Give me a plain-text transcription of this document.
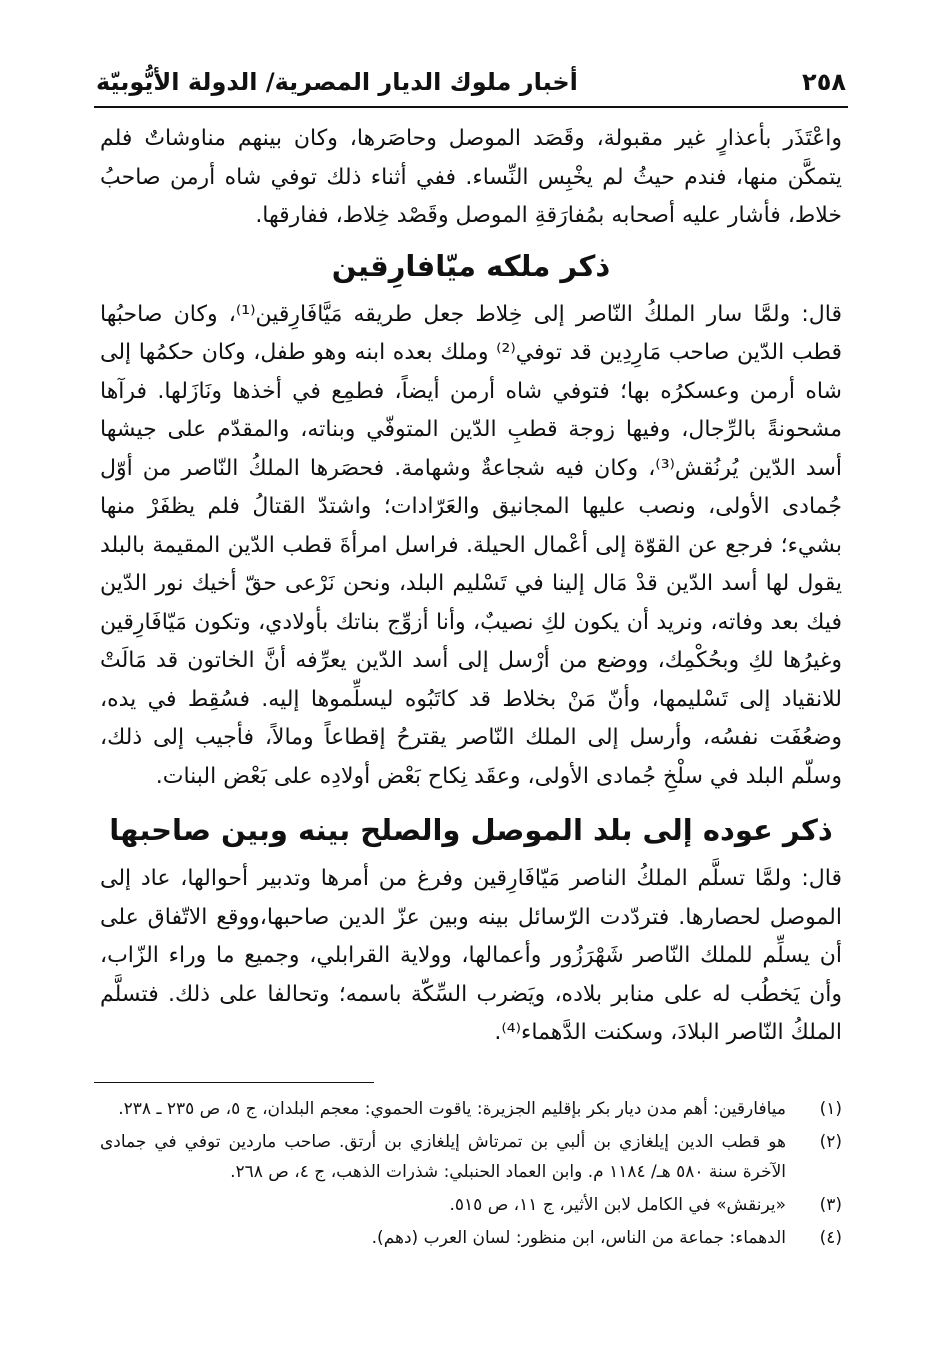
٢٥٨
أخبار ملوك الديار المصرية/ الدولة الأيُّوبيّة

واعْتَذَر بأعذارٍ غير مقبولة، وقَصَد الموصل وحاصَرها، وكان بينهم مناوشاتٌ فلم يتمكَّن منها، فندم حيثُ لم يخْبِس النِّساء. ففي أثناء ذلك توفي شاه أرمن صاحبُ خلاط، فأشار عليه أصحابه بمُفارَقةِ الموصل وقَصْد خِلاط، ففارقها.

ذكر ملكه ميّافارِقين

قال: ولمَّا سار الملكُ النّاصر إلى خِلاط جعل طريقه مَيَّافَارِقين⁽¹⁾، وكان صاحبُها قطب الدّين صاحب مَارِدِين قد توفي⁽²⁾ وملك بعده ابنه وهو طفل، وكان حكمُها إلى شاه أرمن وعسكرُه بها؛ فتوفي شاه أرمن أيضاً، فطمِع في أخذها ونَازَلها. فرآها مشحونةً بالرِّجال، وفيها زوجة قطبِ الدّين المتوفّي وبناته، والمقدّم على جيشها أسد الدّين يُرنُقش⁽³⁾، وكان فيه شجاعةٌ وشهامة. فحصَرها الملكُ النّاصر من أوّل جُمادى الأولى، ونصب عليها المجانيق والعَرّادات؛ واشتدّ القتالُ فلم يظفَرْ منها بشيء؛ فرجع عن القوّة إلى أعْمال الحيلة. فراسل امرأةَ قطب الدّين المقيمة بالبلد يقول لها أسد الدّين قدْ مَال إلينا في تَسْليم البلد، ونحن نَرْعى حقّ أخيك نور الدّين فيك بعد وفاته، ونريد أن يكون لكِ نصيبٌ، وأنا أزوِّج بناتك بأولادي، وتكون مَيّافَارِقين وغيرُها لكِ وبحُكْمِك، ووضع من أرْسل إلى أسد الدّين يعرِّفه أنَّ الخاتون قد مَالَتْ للانقياد إلى تَسْليمها، وأنّ مَنْ بخلاط قد كاتَبُوه ليسلِّموها إليه. فسُقِط في يده، وضعُفَت نفسُه، وأرسل إلى الملك النّاصر يقترحُ إقطاعاً ومالاً، فأجيب إلى ذلك، وسلّم البلد في سلْخِ جُمادى الأولى، وعقَد نِكاح بَعْض أولادِه على بَعْض البنات.

ذكر عوده إلى بلد الموصل والصلح بينه وبين صاحبها

قال: ولمَّا تسلَّم الملكُ الناصر مَيّافَارِقين وفرغ من أمرها وتدبير أحوالها، عاد إلى الموصل لحصارها. فتردّدت الرّسائل بينه وبين عزّ الدين صاحبها،ووقع الاتّفاق على أن يسلِّم للملك النّاصر شَهْرَزُور وأعمالها، وولاية القرابلي، وجميع ما وراء الزّاب، وأن يَخطُب له على منابر بلاده، ويَضرب السِّكّة باسمه؛ وتحالفا على ذلك. فتسلَّم الملكُ النّاصر البلادَ، وسكنت الدَّهماء⁽⁴⁾.

(١)
ميافارقين: أهم مدن ديار بكر بإقليم الجزيرة: ياقوت الحموي: معجم البلدان، ج ٥، ص ٢٣٥ ـ ٢٣٨.
(٢)
هو قطب الدين إيلغازي بن ألبي بن تمرتاش إيلغازي بن أرتق. صاحب ماردين توفي في جمادى الآخرة سنة ٥٨٠ هـ/ ١١٨٤ م. وابن العماد الحنبلي: شذرات الذهب، ج ٤، ص ٢٦٨.
(٣)
«يرنقش» في الكامل لابن الأثير، ج ١١، ص ٥١٥.
(٤)
الدهماء: جماعة من الناس، ابن منظور: لسان العرب (دهم).
